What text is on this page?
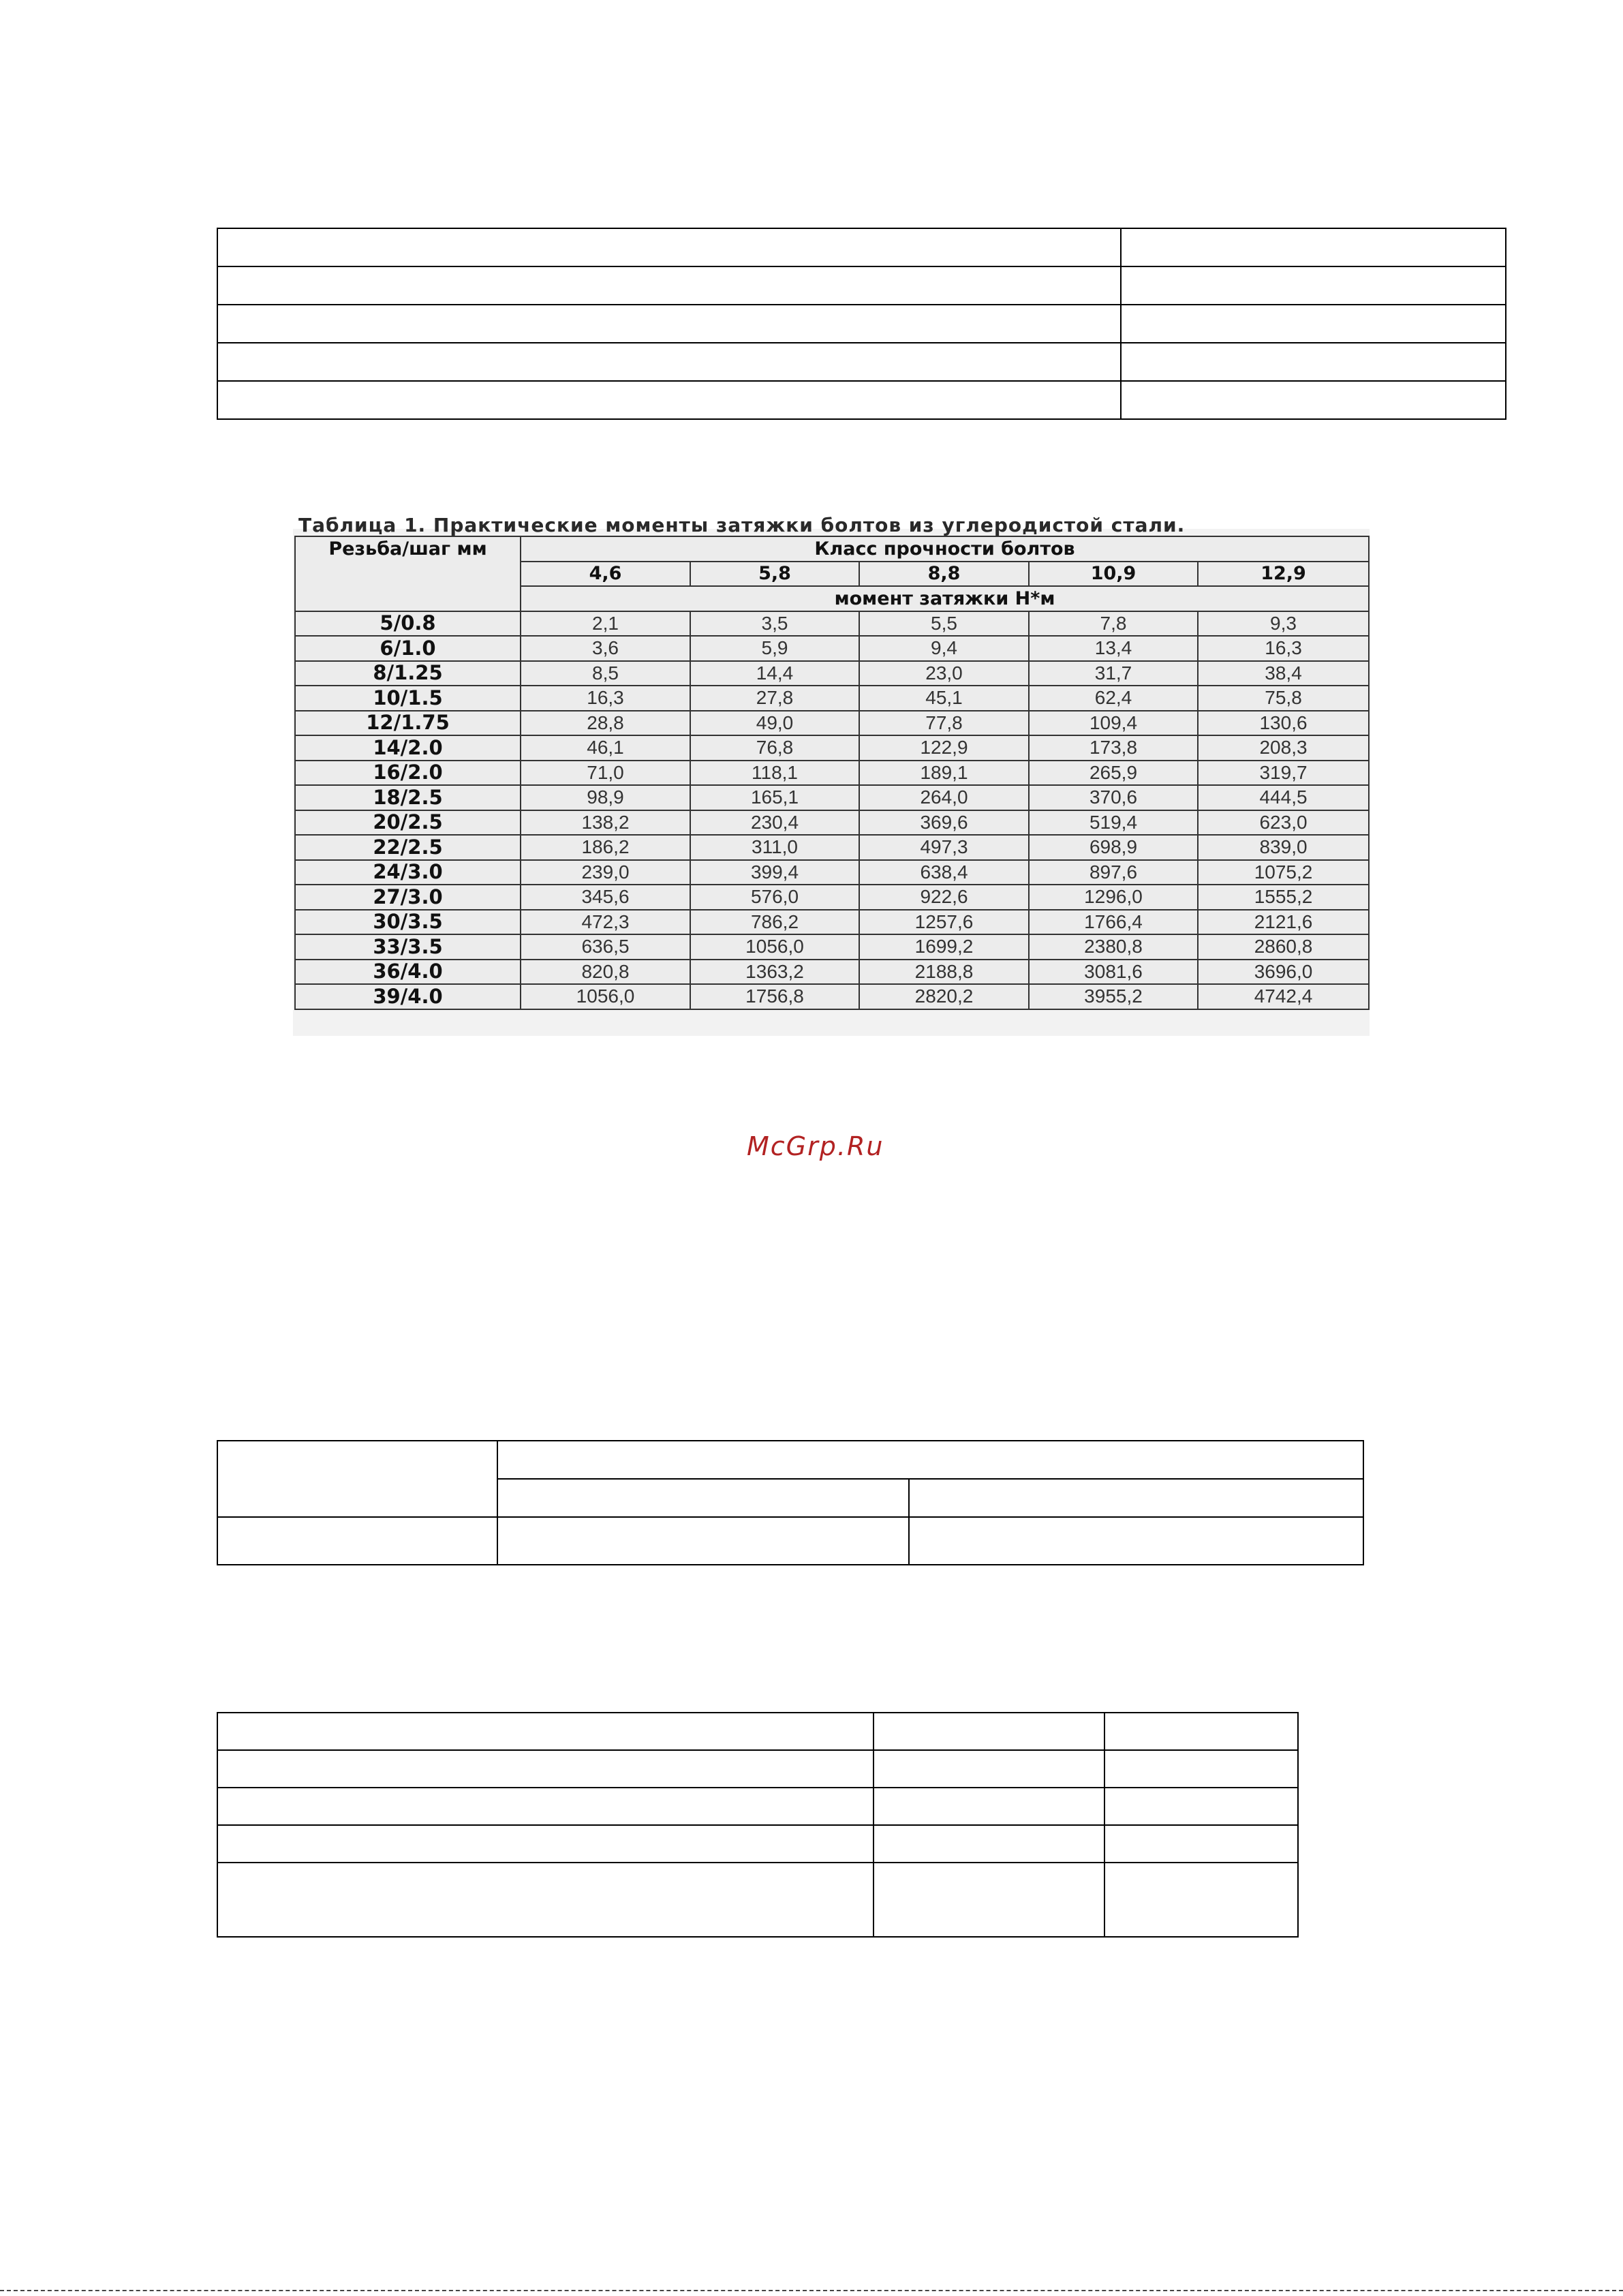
Таблица 1. Практические моменты затяжки болтов из углеродистой стали.

Резьба/шаг мм	Класс прочности болтов				
	4,6	5,8	8,8	10,9	12,9
	момент затяжки Н*м				
5/0.8	2,1	3,5	5,5	7,8	9,3
6/1.0	3,6	5,9	9,4	13,4	16,3
8/1.25	8,5	14,4	23,0	31,7	38,4
10/1.5	16,3	27,8	45,1	62,4	75,8
12/1.75	28,8	49,0	77,8	109,4	130,6
14/2.0	46,1	76,8	122,9	173,8	208,3
16/2.0	71,0	118,1	189,1	265,9	319,7
18/2.5	98,9	165,1	264,0	370,6	444,5
20/2.5	138,2	230,4	369,6	519,4	623,0
22/2.5	186,2	311,0	497,3	698,9	839,0
24/3.0	239,0	399,4	638,4	897,6	1075,2
27/3.0	345,6	576,0	922,6	1296,0	1555,2
30/3.5	472,3	786,2	1257,6	1766,4	2121,6
33/3.5	636,5	1056,0	1699,2	2380,8	2860,8
36/4.0	820,8	1363,2	2188,8	3081,6	3696,0
39/4.0	1056,0	1756,8	2820,2	3955,2	4742,4

McGrp.Ru
